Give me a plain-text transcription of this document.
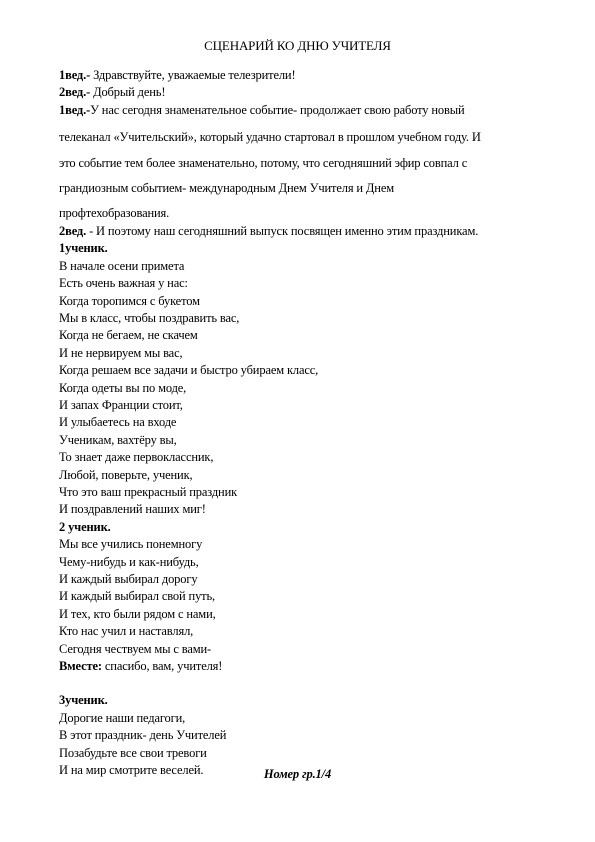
СЦЕНАРИЙ КО ДНЮ УЧИТЕЛЯ
1вед.- Здравствуйте, уважаемые телезрители!
2вед.- Добрый день!
1вед.-У нас сегодня знаменательное событие- продолжает свою работу новый
телеканал «Учительский», который удачно стартовал в прошлом учебном году. И
это событие тем более знаменательно, потому, что сегодняшний эфир совпал с
грандиозным событием- международным Днем Учителя и Днем
профтехобразования.
2вед. - И поэтому наш сегодняшний выпуск посвящен именно этим праздникам.
1ученик.
В начале осени примета
Есть очень важная у нас:
Когда торопимся с букетом
Мы в класс, чтобы поздравить вас,
Когда не бегаем, не скачем
И не нервируем мы вас,
Когда решаем все задачи и быстро убираем класс,
Когда одеты вы по моде,
И запах Франции стоит,
И улыбаетесь на входе
Ученикам, вахтёру вы,
То знает даже первоклассник,
Любой, поверьте, ученик,
Что это ваш прекрасный праздник
И поздравлений наших миг!
2 ученик.
Мы все учились понемногу
Чему-нибудь и как-нибудь,
И каждый выбирал дорогу
И каждый выбирал свой путь,
И тех, кто были рядом с нами,
Кто нас учил и наставлял,
Сегодня чествуем мы с вами-
Вместе: спасибо, вам, учителя!
3ученик.
Дорогие наши педагоги,
В этот праздник- день Учителей
Позабудьте все свои тревоги
И на мир смотрите веселей.	Номер гр.1/4
